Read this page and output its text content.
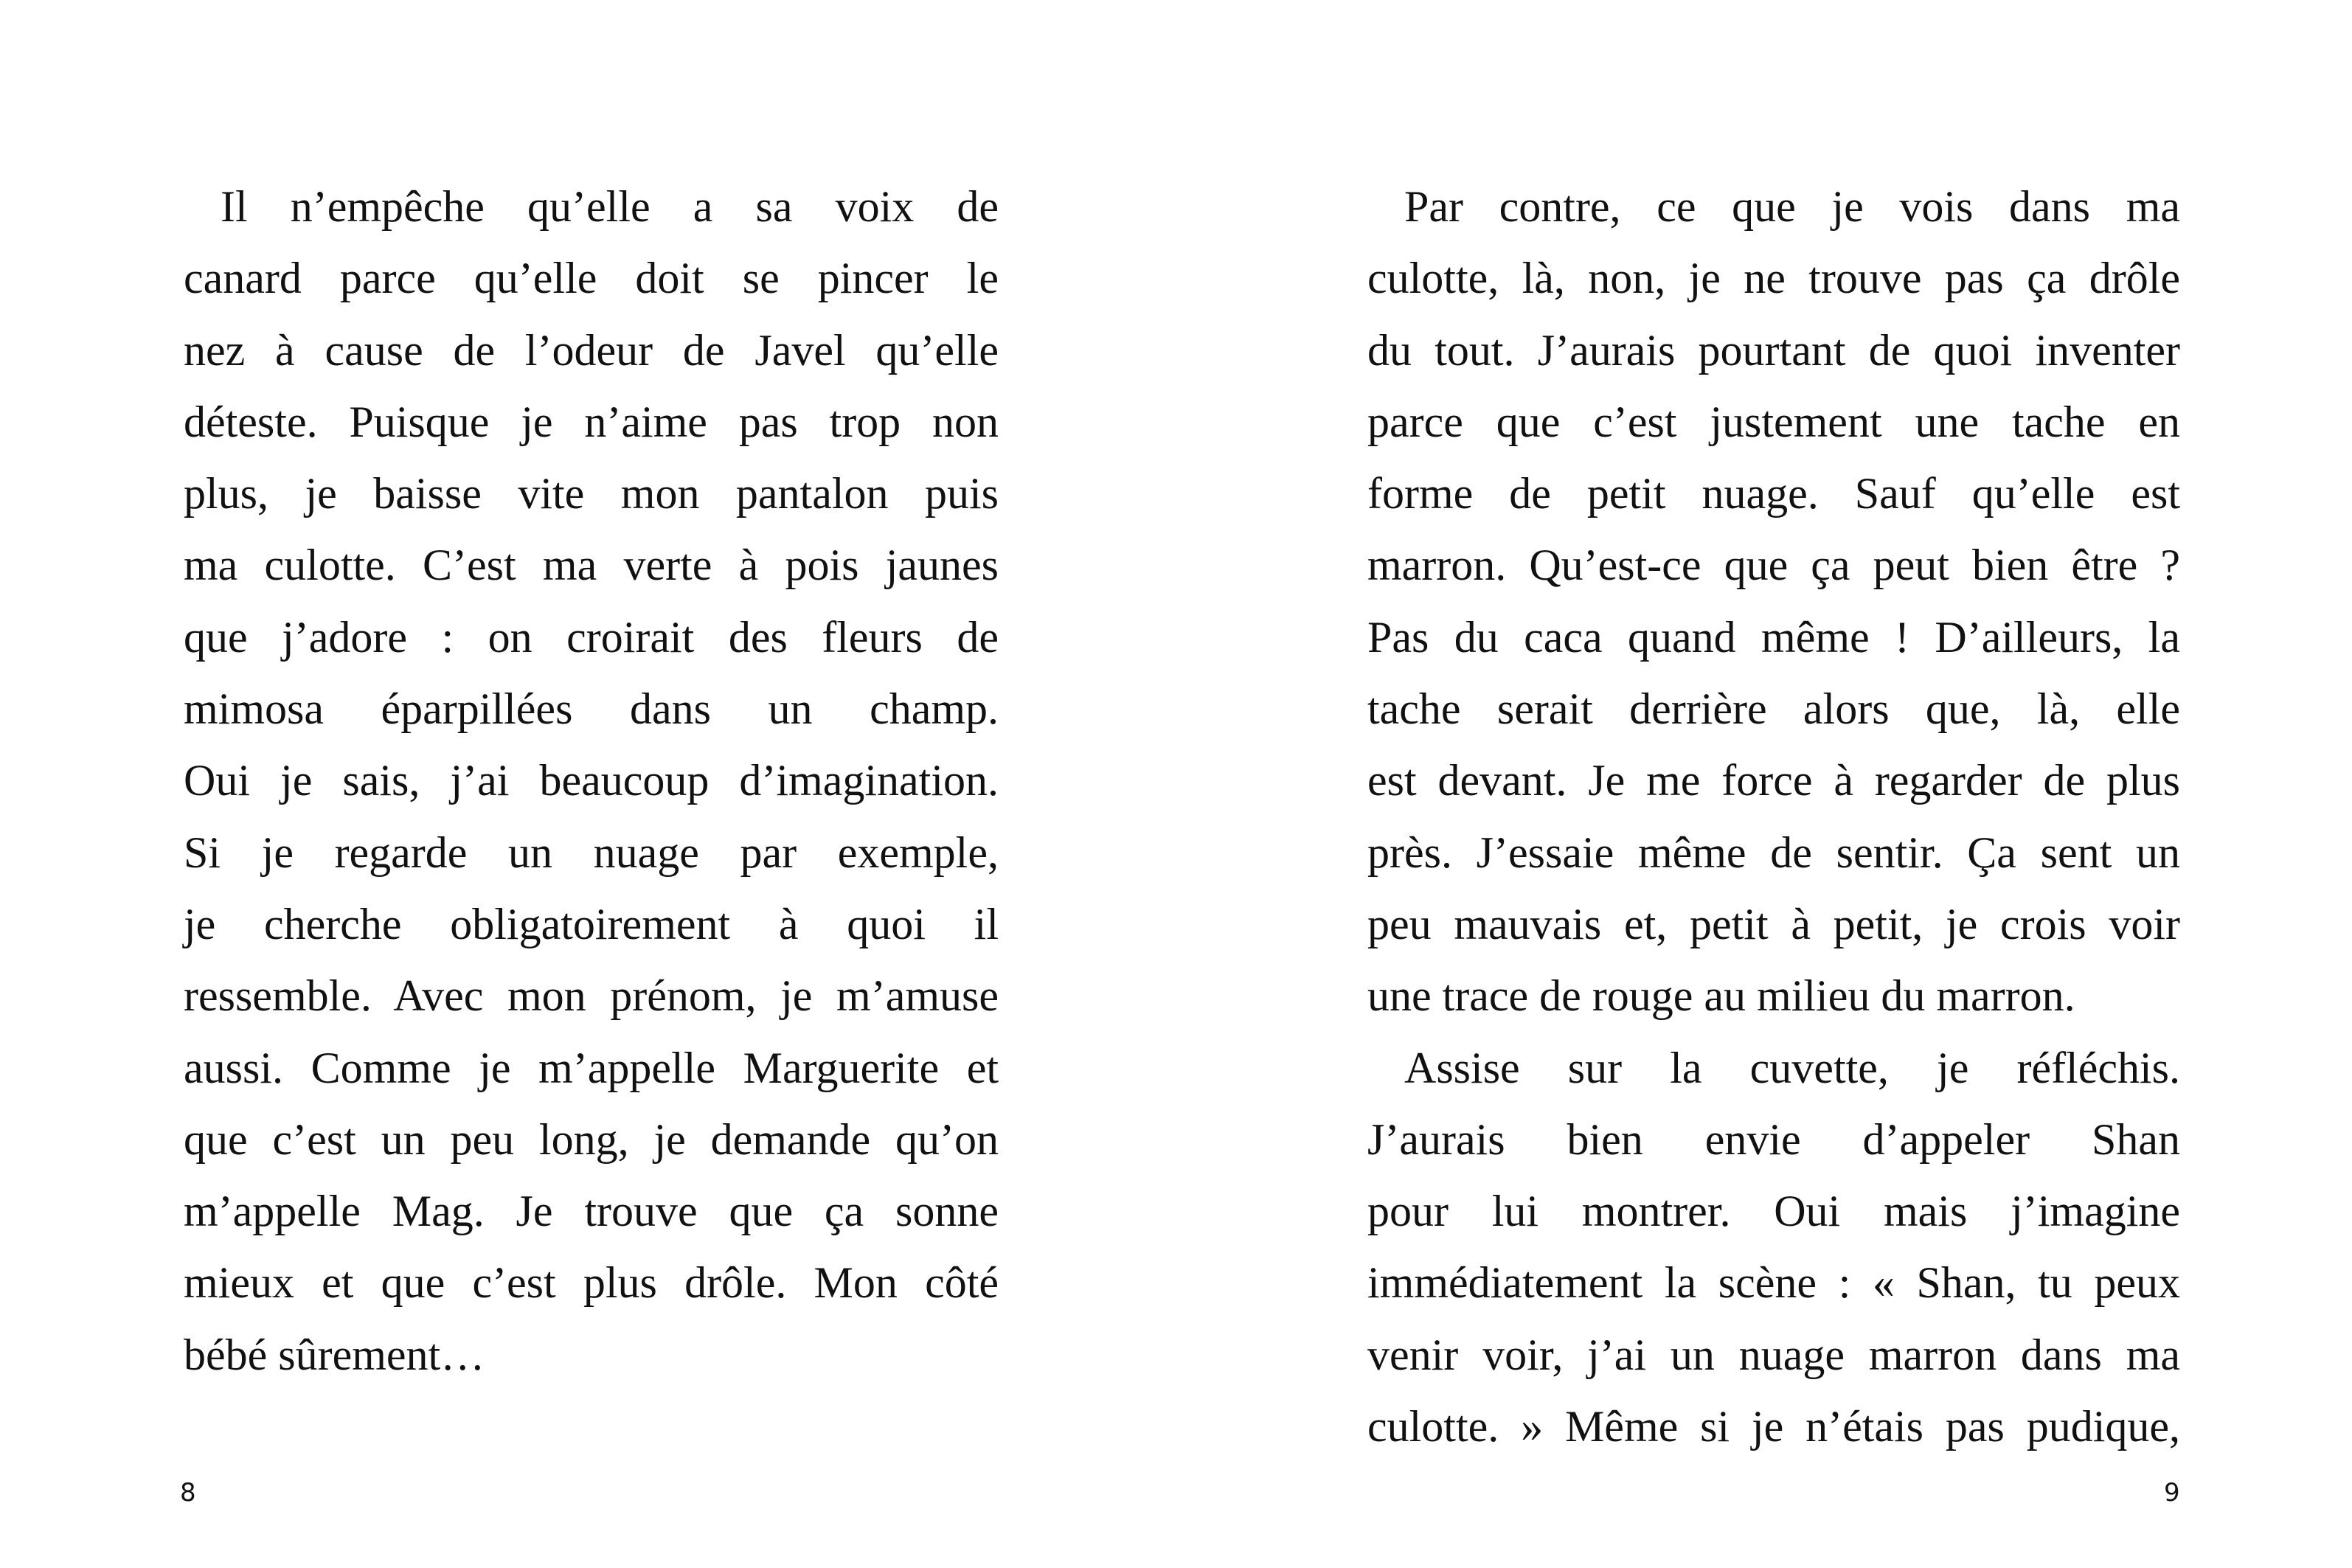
Il n’empêche qu’elle a sa voix de
canard parce qu’elle doit se pincer le
nez à cause de l’odeur de Javel qu’elle
déteste. Puisque je n’aime pas trop non
plus, je baisse vite mon pantalon puis
ma culotte. C’est ma verte à pois jaunes
que j’adore : on croirait des fleurs de
mimosa éparpillées dans un champ.
Oui je sais, j’ai beaucoup d’imagination.
Si je regarde un nuage par exemple,
je cherche obligatoirement à quoi il
ressemble. Avec mon prénom, je m’amuse
aussi. Comme je m’appelle Marguerite et
que c’est un peu long, je demande qu’on
m’appelle Mag. Je trouve que ça sonne
mieux et que c’est plus drôle. Mon côté
bébé sûrement…
8
Par contre, ce que je vois dans ma
culotte, là, non, je ne trouve pas ça drôle
du tout. J’aurais pourtant de quoi inventer
parce que c’est justement une tache en
forme de petit nuage. Sauf qu’elle est
marron. Qu’est-ce que ça peut bien être ?
Pas du caca quand même ! D’ailleurs, la
tache serait derrière alors que, là, elle
est devant. Je me force à regarder de plus
près. J’essaie même de sentir. Ça sent un
peu mauvais et, petit à petit, je crois voir
une trace de rouge au milieu du marron.
Assise sur la cuvette, je réfléchis.
J’aurais bien envie d’appeler Shan
pour lui montrer. Oui mais j’imagine
immédiatement la scène : « Shan, tu peux
venir voir, j’ai un nuage marron dans ma
culotte. » Même si je n’étais pas pudique,
9
